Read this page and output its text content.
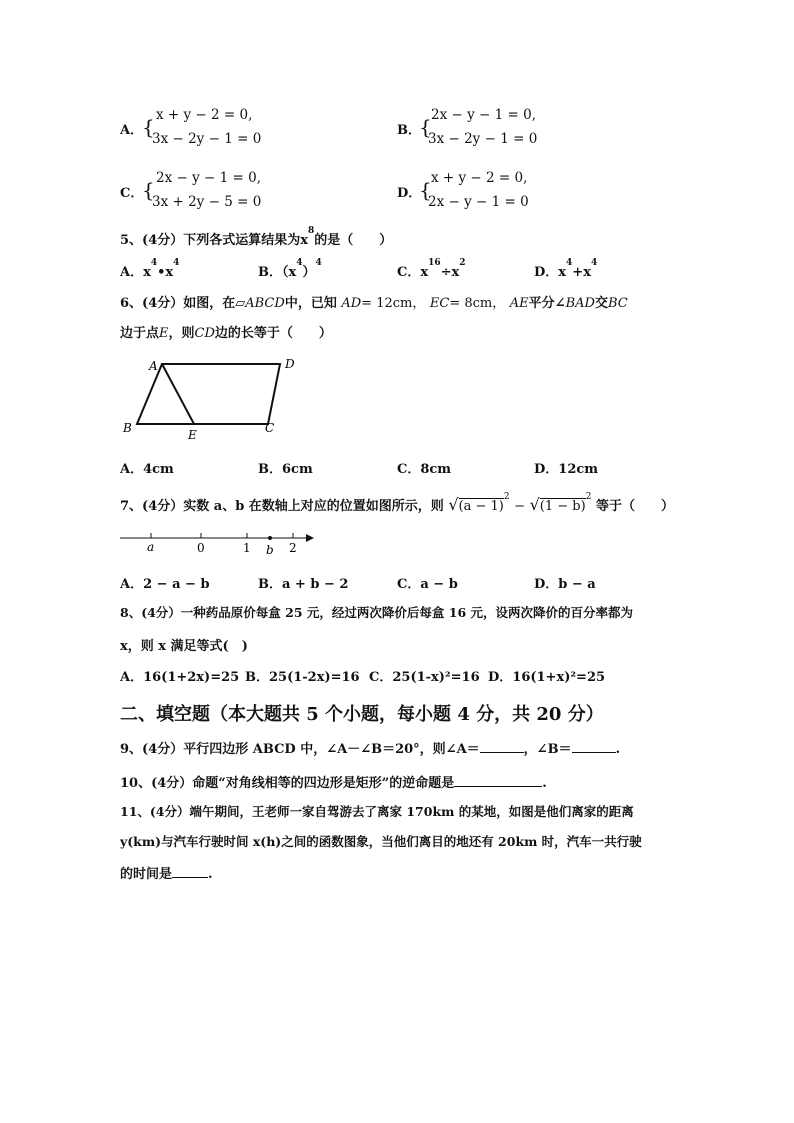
A．
{ x + y − 2 = 0,
3x − 2y − 1 = 0
B．
{ 2x − y − 1 = 0,
3x − 2y − 1 = 0
C．
{ 2x − y − 1 = 0,
3x + 2y − 5 = 0
D．
{ x + y − 2 = 0,
2x − y − 1 = 0
5、(4分）下列各式运算结果为$x^8$的是（　　）
A．$x^4•x^4$
B．$(x^4)^4$
C．$x^{16}\div x^2$
D．$x^4+x^4$
6、(4分）如图，在▱ABCD中，已知 AD= 12cm， EC= 8cm， AE平分∠BAD交BC
边于点E，则CD边的长等于（　　）
A	D
B	E	C
A．4cm	B．6cm	C．8cm	D．12cm
7、(4分）实数 a、b 在数轴上对应的位置如图所示，则 $√(a - 1)^2 - √(1 - b)^2$ 等于（　　）
a	0	1 b 2
A．2 − a − b	B．a + b − 2	C．a − b	D．b − a
8、(4分）一种药品原价每盒 25 元，经过两次降价后每盒 16 元，设两次降价的百分率都为
x，则 x 满足等式(　)
A．16(1+2x)=25 B．25(1-2x)=16 C．25(1-x)²=16 D．16(1+x)²=25
二、填空题（本大题共 5 个小题，每小题 4 分，共 20 分）
9、(4分）平行四边形 ABCD 中，∠A－∠B＝20°，则∠A＝	，∠B＝	.
10、(4分）命题“对角线相等的四边形是矩形”的逆命题是	.
11、(4分）端午期间，王老师一家自驾游去了离家 170km 的某地，如图是他们离家的距离
y(km)与汽车行驶时间 x(h)之间的函数图象，当他们离目的地还有 20km 时，汽车一共行驶
的时间是	.
